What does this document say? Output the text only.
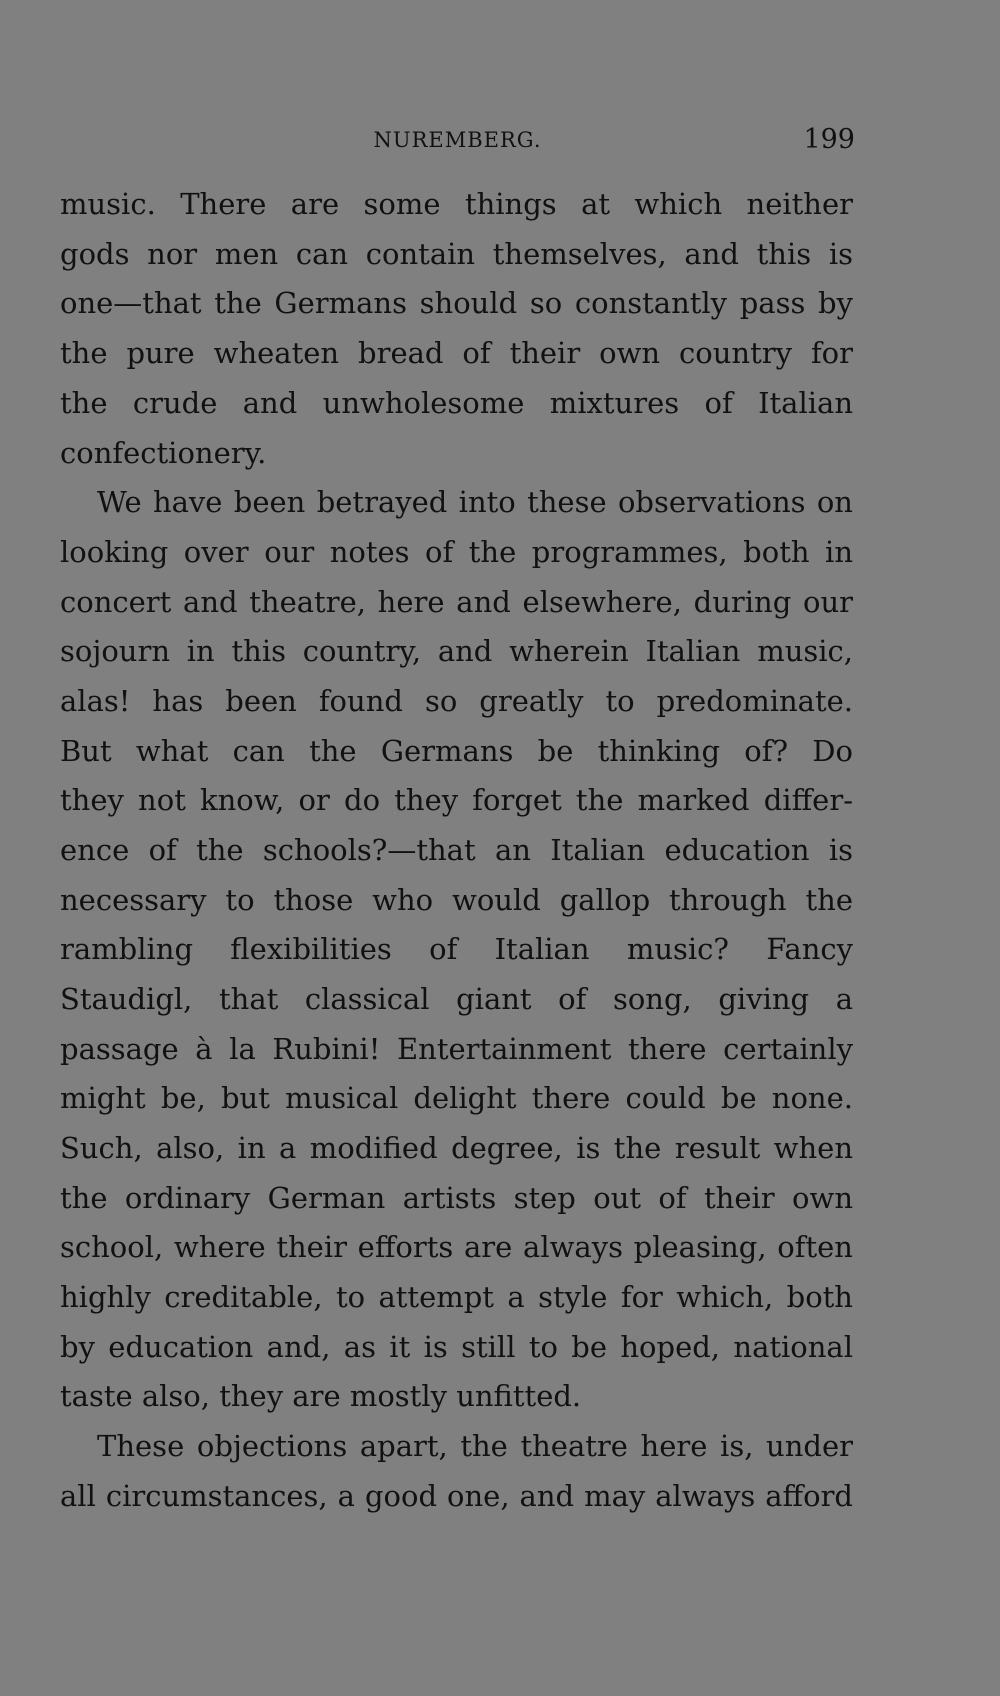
NUREMBERG.	199
music. There are some things at which neither
gods nor men can contain themselves, and this is
one—that the Germans should so constantly pass by
the pure wheaten bread of their own country for
the crude and unwholesome mixtures of Italian
confectionery.
We have been betrayed into these observations on
looking over our notes of the programmes, both in
concert and theatre, here and elsewhere, during our
sojourn in this country, and wherein Italian music,
alas! has been found so greatly to predominate.
But what can the Germans be thinking of? Do
they not know, or do they forget the marked differ-
ence of the schools?—that an Italian education is
necessary to those who would gallop through the
rambling flexibilities of Italian music? Fancy
Staudigl, that classical giant of song, giving a
passage à la Rubini! Entertainment there certainly
might be, but musical delight there could be none.
Such, also, in a modified degree, is the result when
the ordinary German artists step out of their own
school, where their efforts are always pleasing, often
highly creditable, to attempt a style for which, both
by education and, as it is still to be hoped, national
taste also, they are mostly unfitted.
These objections apart, the theatre here is, under
all circumstances, a good one, and may always afford
